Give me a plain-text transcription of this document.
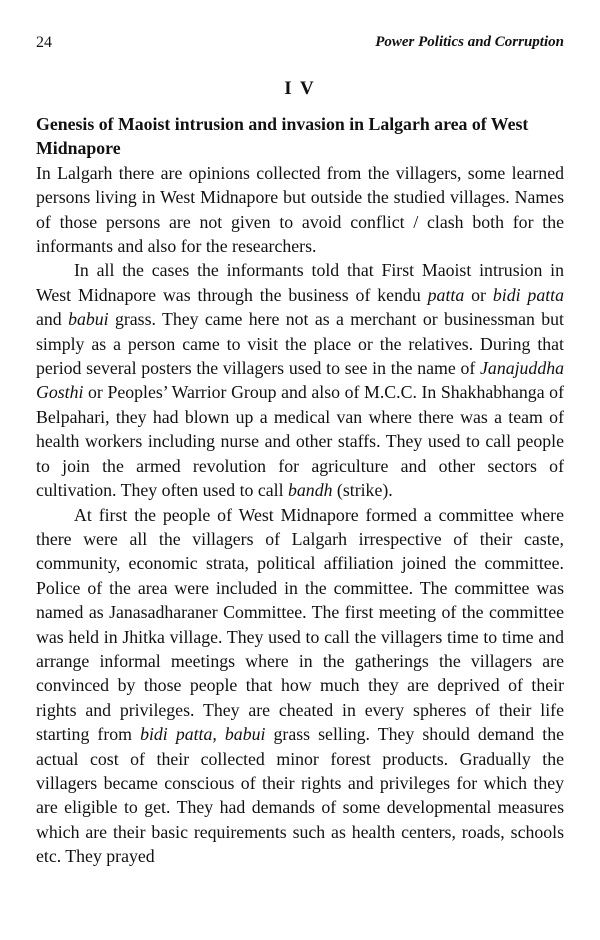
24	Power Politics and Corruption
I V

Genesis of Maoist intrusion and invasion in Lalgarh area of West Midnapore

In Lalgarh there are opinions collected from the villagers, some learned persons living in West Midnapore but outside the studied villages. Names of those persons are not given to avoid conflict / clash both for the informants and also for the researchers.

In all the cases the informants told that First Maoist intrusion in West Midnapore was through the business of kendu patta or bidi patta and babui grass. They came here not as a merchant or businessman but simply as a person came to visit the place or the relatives. During that period several posters the villagers used to see in the name of Janajuddha Gosthi or Peoples’ Warrior Group and also of M.C.C. In Shakhabhanga of Belpahari, they had blown up a medical van where there was a team of health workers including nurse and other staffs. They used to call people to join the armed revolution for agriculture and other sectors of cultivation. They often used to call bandh (strike).

At first the people of West Midnapore formed a committee where there were all the villagers of Lalgarh irrespective of their caste, community, economic strata, political affiliation joined the committee. Police of the area were included in the committee. The committee was named as Janasadharaner Committee. The first meeting of the committee was held in Jhitka village. They used to call the villagers time to time and arrange informal meetings where in the gatherings the villagers are convinced by those people that how much they are deprived of their rights and privileges. They are cheated in every spheres of their life starting from bidi patta, babui grass selling. They should demand the actual cost of their collected minor forest products. Gradually the villagers became conscious of their rights and privileges for which they are eligible to get. They had demands of some developmental measures which are their basic requirements such as health centers, roads, schools etc. They prayed
